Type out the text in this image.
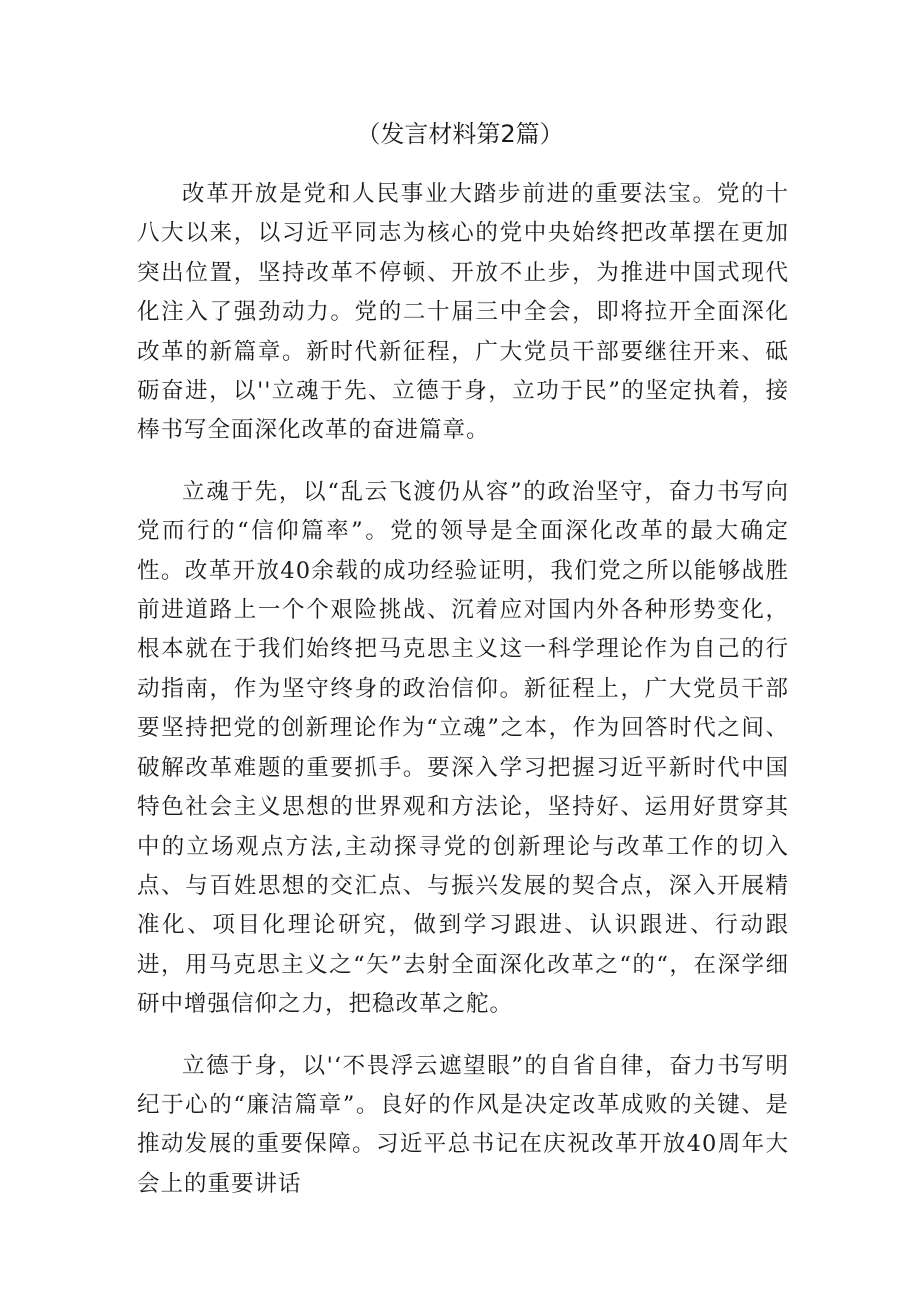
（发言材料第2篇）

改革开放是党和人民事业大踏步前进的重要法宝。党的十八大以来，以习近平同志为核心的党中央始终把改革摆在更加突出位置，坚持改革不停顿、开放不止步，为推进中国式现代化注入了强劲动力。党的二十届三中全会，即将拉开全面深化改革的新篇章。新时代新征程，广大党员干部要继往开来、砥砺奋进，以''立魂于先、立德于身，立功于民”的坚定执着，接棒书写全面深化改革的奋进篇章。

立魂于先，以“乱云飞渡仍从容”的政治坚守，奋力书写向党而行的“信仰篇率”。党的领导是全面深化改革的最大确定性。改革开放40余载的成功经验证明，我们党之所以能够战胜前进道路上一个个艰险挑战、沉着应对国内外各种形势变化，根本就在于我们始终把马克思主义这一科学理论作为自己的行动指南，作为坚守终身的政治信仰。新征程上，广大党员干部要坚持把党的创新理论作为“立魂”之本，作为回答时代之间、破解改革难题的重要抓手。要深入学习把握习近平新时代中国特色社会主义思想的世界观和方法论，坚持好、运用好贯穿其中的立场观点方法,主动探寻党的创新理论与改革工作的切入点、与百姓思想的交汇点、与振兴发展的契合点，深入开展精准化、项目化理论研究，做到学习跟进、认识跟进、行动跟进，用马克思主义之“矢”去射全面深化改革之“的“，在深学细研中增强信仰之力，把稳改革之舵。

立德于身，以'‘不畏浮云遮望眼”的自省自律，奋力书写明纪于心的“廉洁篇章”。良好的作风是决定改革成败的关键、是推动发展的重要保障。习近平总书记在庆祝改革开放40周年大会上的重要讲话
